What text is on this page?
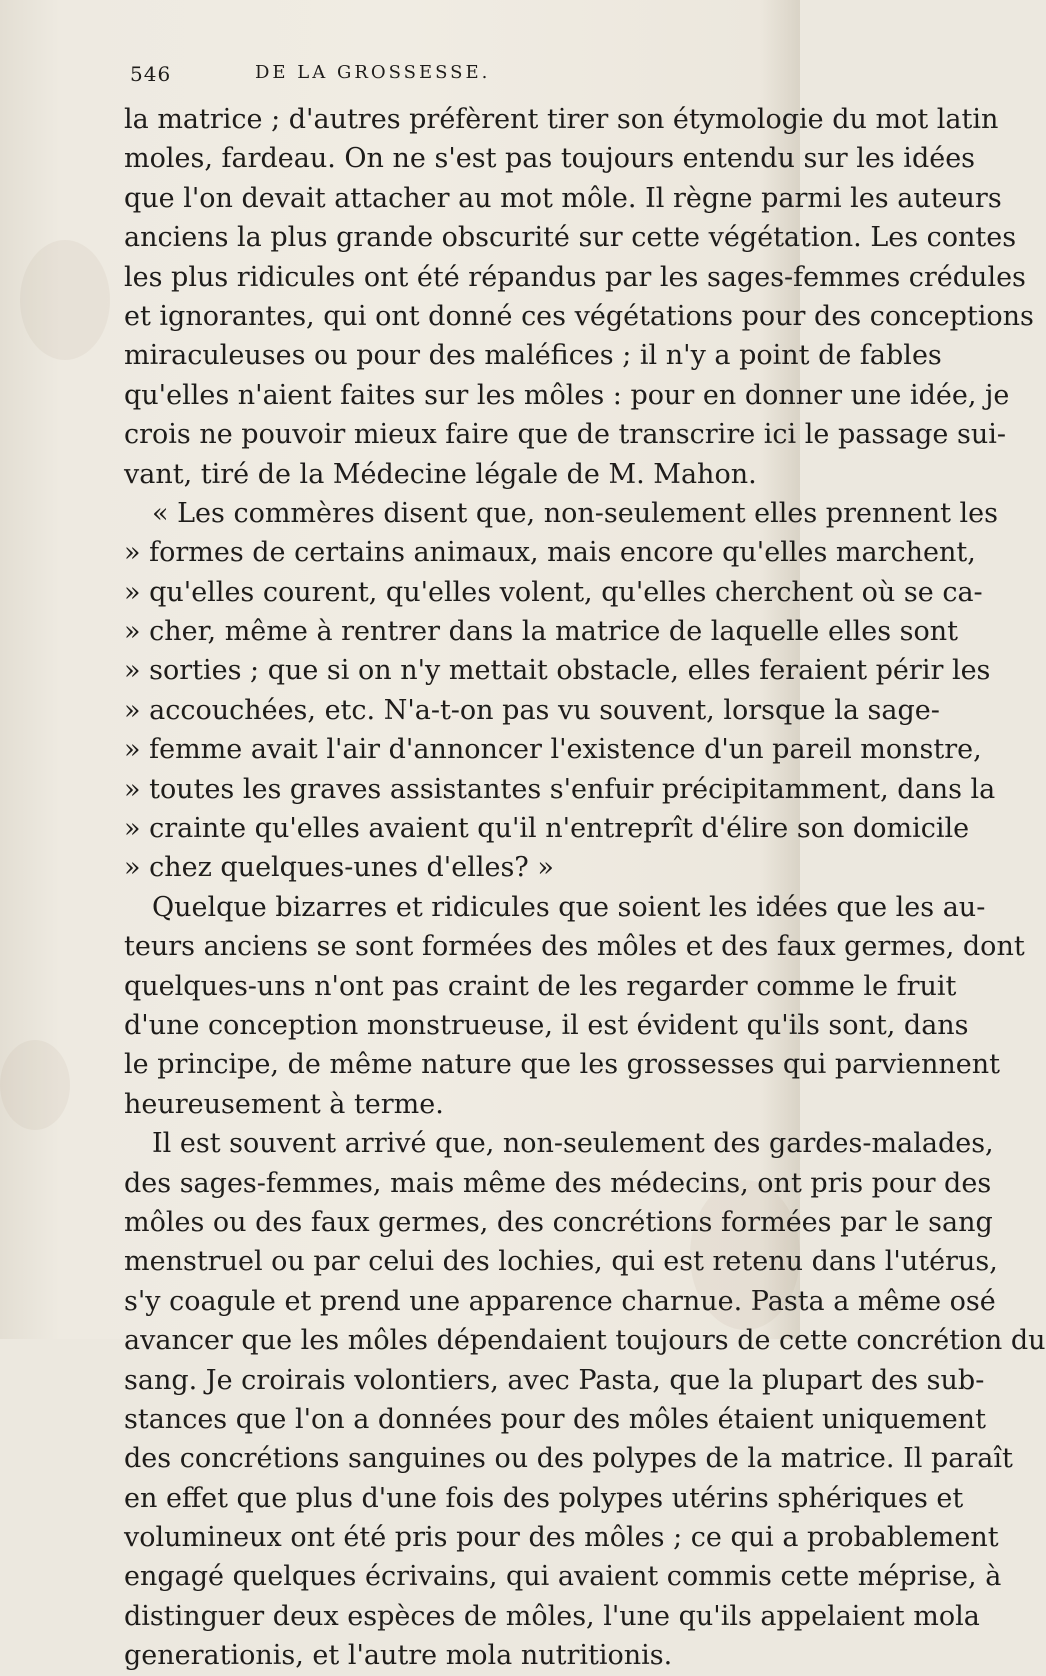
546	DE LA GROSSESSE.
la matrice ; d'autres préfèrent tirer son étymologie du mot latin
moles, fardeau. On ne s'est pas toujours entendu sur les idées
que l'on devait attacher au mot môle. Il règne parmi les auteurs
anciens la plus grande obscurité sur cette végétation. Les contes
les plus ridicules ont été répandus par les sages-femmes crédules
et ignorantes, qui ont donné ces végétations pour des conceptions
miraculeuses ou pour des maléfices ; il n'y a point de fables
qu'elles n'aient faites sur les môles : pour en donner une idée, je
crois ne pouvoir mieux faire que de transcrire ici le passage sui-
vant, tiré de la Médecine légale de M. Mahon.
« Les commères disent que, non-seulement elles prennent les
» formes de certains animaux, mais encore qu'elles marchent,
» qu'elles courent, qu'elles volent, qu'elles cherchent où se ca-
» cher, même à rentrer dans la matrice de laquelle elles sont
» sorties ; que si on n'y mettait obstacle, elles feraient périr les
» accouchées, etc. N'a-t-on pas vu souvent, lorsque la sage-
» femme avait l'air d'annoncer l'existence d'un pareil monstre,
» toutes les graves assistantes s'enfuir précipitamment, dans la
» crainte qu'elles avaient qu'il n'entreprît d'élire son domicile
» chez quelques-unes d'elles? »
Quelque bizarres et ridicules que soient les idées que les au-
teurs anciens se sont formées des môles et des faux germes, dont
quelques-uns n'ont pas craint de les regarder comme le fruit
d'une conception monstrueuse, il est évident qu'ils sont, dans
le principe, de même nature que les grossesses qui parviennent
heureusement à terme.
Il est souvent arrivé que, non-seulement des gardes-malades,
des sages-femmes, mais même des médecins, ont pris pour des
môles ou des faux germes, des concrétions formées par le sang
menstruel ou par celui des lochies, qui est retenu dans l'utérus,
s'y coagule et prend une apparence charnue. Pasta a même osé
avancer que les môles dépendaient toujours de cette concrétion du
sang. Je croirais volontiers, avec Pasta, que la plupart des sub-
stances que l'on a données pour des môles étaient uniquement
des concrétions sanguines ou des polypes de la matrice. Il paraît
en effet que plus d'une fois des polypes utérins sphériques et
volumineux ont été pris pour des môles ; ce qui a probablement
engagé quelques écrivains, qui avaient commis cette méprise, à
distinguer deux espèces de môles, l'une qu'ils appelaient mola
generationis, et l'autre mola nutritionis.
